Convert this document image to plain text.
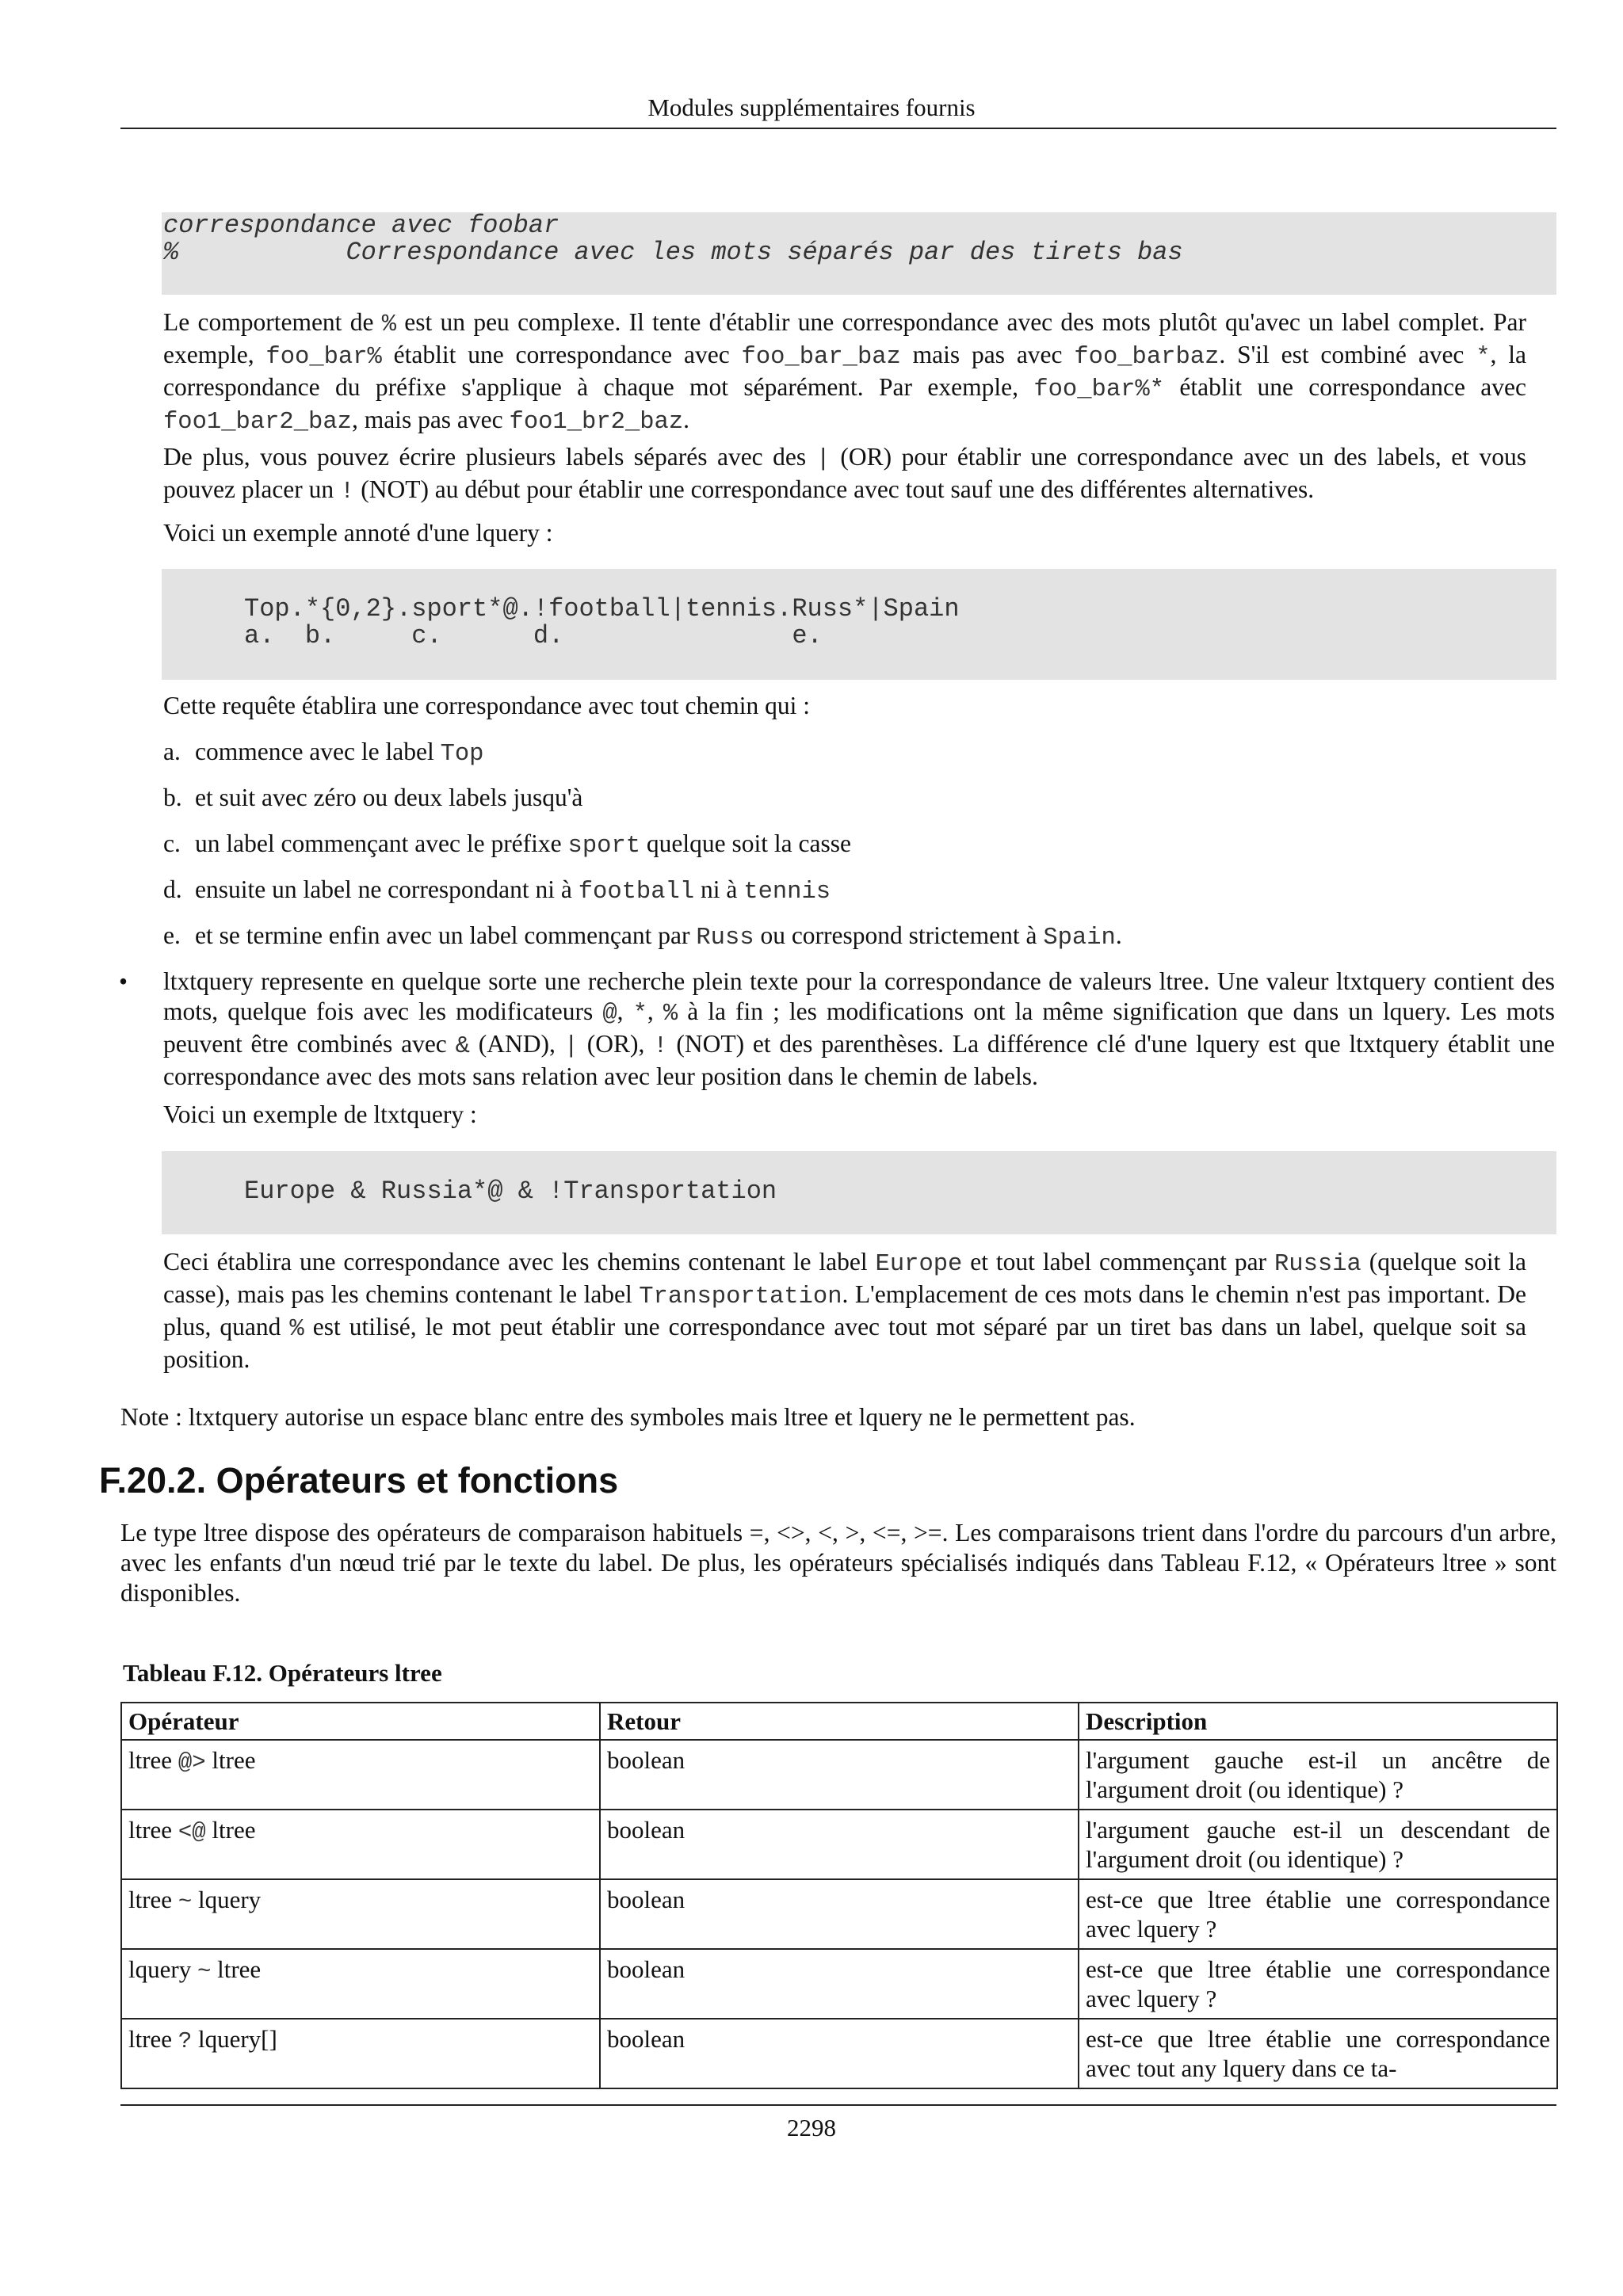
Modules supplémentaires fournis
correspondance avec foobar
%           Correspondance avec les mots séparés par des tirets bas
Le comportement de % est un peu complexe. Il tente d'établir une correspondance avec des mots plutôt qu'avec un label complet. Par exemple, foo_bar% établit une correspondance avec foo_bar_baz mais pas avec foo_barbaz. S'il est combiné avec *, la correspondance du préfixe s'applique à chaque mot séparément. Par exemple, foo_bar%* établit une correspondance avec foo1_bar2_baz, mais pas avec foo1_br2_baz.
De plus, vous pouvez écrire plusieurs labels séparés avec des | (OR) pour établir une correspondance avec un des labels, et vous pouvez placer un ! (NOT) au début pour établir une correspondance avec tout sauf une des différentes alternatives.
Voici un exemple annoté d'une lquery :
Top.*{0,2}.sport*@.!football|tennis.Russ*|Spain
a.  b.     c.      d.               e.
Cette requête établira une correspondance avec tout chemin qui :
a. commence avec le label Top
b. et suit avec zéro ou deux labels jusqu'à
c. un label commençant avec le préfixe sport quelque soit la casse
d. ensuite un label ne correspondant ni à football ni à tennis
e. et se termine enfin avec un label commençant par Russ ou correspond strictement à Spain.
• ltxtquery represente en quelque sorte une recherche plein texte pour la correspondance de valeurs ltree. Une valeur ltxtquery contient des mots, quelque fois avec les modificateurs @, *, % à la fin ; les modifications ont la même signification que dans un lquery. Les mots peuvent être combinés avec & (AND), | (OR), ! (NOT) et des parenthèses. La différence clé d'une lquery est que ltxtquery établit une correspondance avec des mots sans relation avec leur position dans le chemin de labels.
Voici un exemple de ltxtquery :
Europe & Russia*@ & !Transportation
Ceci établira une correspondance avec les chemins contenant le label Europe et tout label commençant par Russia (quelque soit la casse), mais pas les chemins contenant le label Transportation. L'emplacement de ces mots dans le chemin n'est pas important. De plus, quand % est utilisé, le mot peut établir une correspondance avec tout mot séparé par un tiret bas dans un label, quelque soit sa position.
Note : ltxtquery autorise un espace blanc entre des symboles mais ltree et lquery ne le permettent pas.
F.20.2. Opérateurs et fonctions
Le type ltree dispose des opérateurs de comparaison habituels =, <>, <, >, <=, >=. Les comparaisons trient dans l'ordre du parcours d'un arbre, avec les enfants d'un nœud trié par le texte du label. De plus, les opérateurs spécialisés indiqués dans Tableau F.12, « Opérateurs ltree » sont disponibles.
Tableau F.12. Opérateurs ltree
Opérateur	Retour	Description
ltree @> ltree	boolean	l'argument gauche est-il un ancêtre de l'argument droit (ou identique) ?
ltree <@ ltree	boolean	l'argument gauche est-il un descendant de l'argument droit (ou identique) ?
ltree ~ lquery	boolean	est-ce que ltree établie une correspondance avec lquery ?
lquery ~ ltree	boolean	est-ce que ltree établie une correspondance avec lquery ?
ltree ? lquery[]	boolean	est-ce que ltree établie une correspondance avec tout any lquery dans ce ta-
2298
